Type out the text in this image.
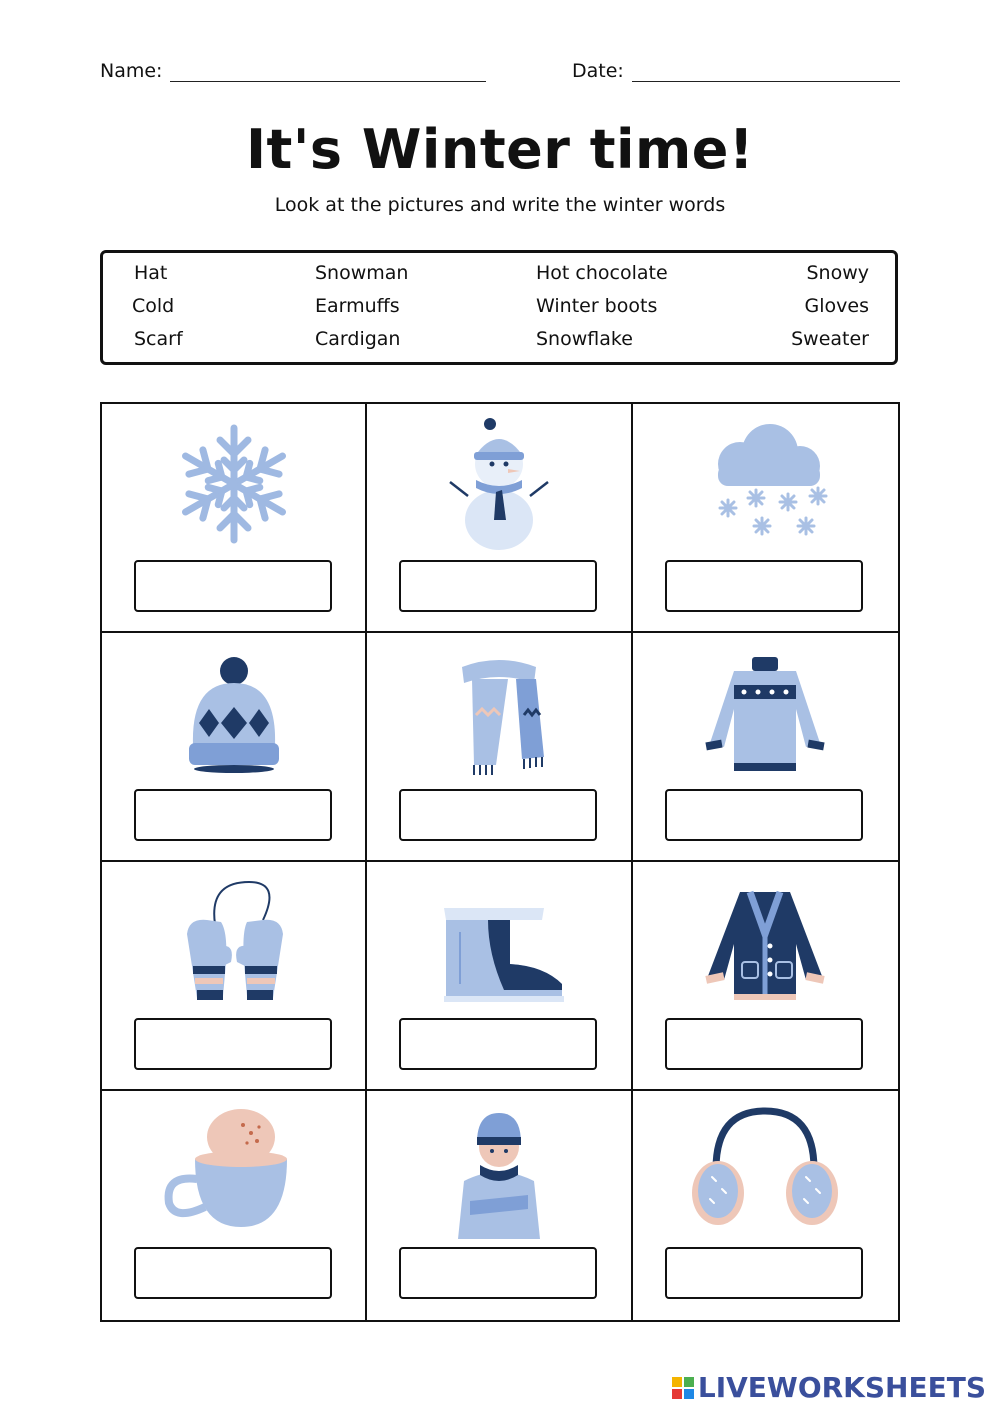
Name:	Date:
It's Winter time!
Look at the pictures and write the winter words
Hat
Cold
Scarf
Snowman
Earmuffs
Cardigan
Hot chocolate
Winter boots
Snowflake
Snowy
Gloves
Sweater
LIVEWORKSHEETS
